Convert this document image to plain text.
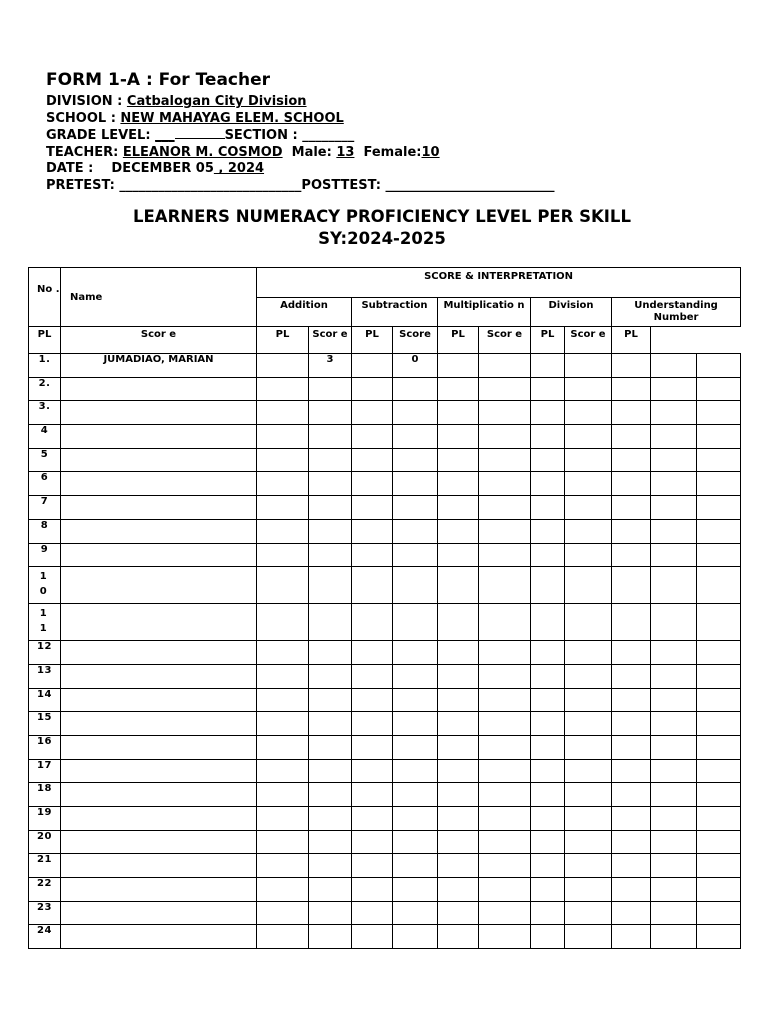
FORM 1-A : For Teacher
DIVISION : Catbalogan City Division
SCHOOL : NEW MAHAYAG ELEM. SCHOOL
GRADE LEVEL: ___	SECTION : ________
TEACHER: ELEANOR M. COSMOD Male: 13 Female:10
DATE :    DECEMBER 05 , 2024
PRETEST: ____________________________POSTTEST: __________________________
LEARNERS NUMERACY PROFICIENCY LEVEL PER SKILL
SY:2024-2025
No .	Name	SCORE & INTERPRETATION										
		Addition		Subtraction		Multiplicatio n		Division		Understanding Number		
PL	Scor e	PL	Scor e	PL	Score	PL	Scor e	PL	Scor e	PL		
1.	JUMADIAO, MARIAN		3		0							
2.												
3.												
4												
5												
6												
7												
8												
9												

1 0												

1 1												

12												
13												
14												
15												
16												
17												
18												
19												
20												
21												
22												
23												
24												
